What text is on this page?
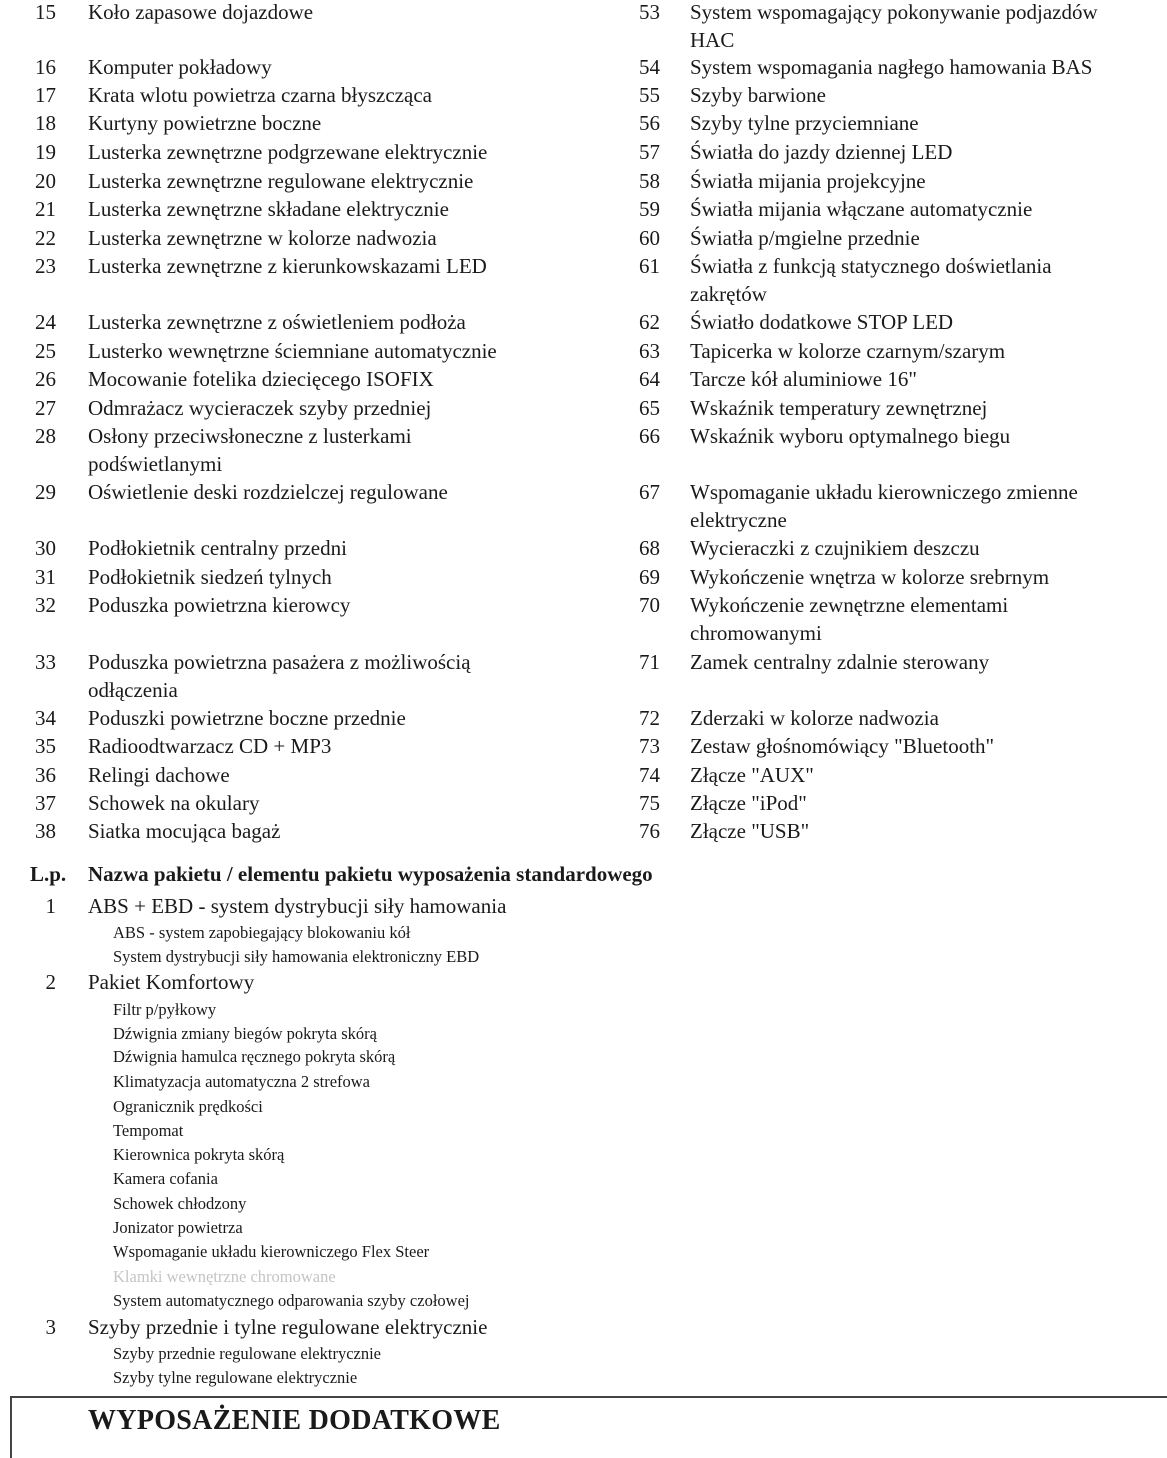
15 Koło zapasowe dojazdowe
16 Komputer pokładowy
17 Krata wlotu powietrza czarna błyszcząca
18 Kurtyny powietrzne boczne
19 Lusterka zewnętrzne podgrzewane elektrycznie
20 Lusterka zewnętrzne regulowane elektrycznie
21 Lusterka zewnętrzne składane elektrycznie
22 Lusterka zewnętrzne w kolorze nadwozia
23 Lusterka zewnętrzne z kierunkowskazami LED
24 Lusterka zewnętrzne z oświetleniem podłoża
25 Lusterko wewnętrzne ściemniane automatycznie
26 Mocowanie fotelika dziecięcego ISOFIX
27 Odmrażacz wycieraczek szyby przedniej
28 Osłony przeciwsłoneczne z lusterkami
podświetlanymi
29 Oświetlenie deski rozdzielczej regulowane
30 Podłokietnik centralny przedni
31 Podłokietnik siedzeń tylnych
32 Poduszka powietrzna kierowcy
33 Poduszka powietrzna pasażera z możliwością
odłączenia
34 Poduszki powietrzne boczne przednie
35 Radioodtwarzacz CD + MP3
36 Relingi dachowe
37 Schowek na okulary
38 Siatka mocująca bagaż
53 System wspomagający pokonywanie podjazdów
HAC
54 System wspomagania nagłego hamowania BAS
55 Szyby barwione
56 Szyby tylne przyciemniane
57 Światła do jazdy dziennej LED
58 Światła mijania projekcyjne
59 Światła mijania włączane automatycznie
60 Światła p/mgielne przednie
61 Światła z funkcją statycznego doświetlania
zakrętów
62 Światło dodatkowe STOP LED
63 Tapicerka w kolorze czarnym/szarym
64 Tarcze kół aluminiowe 16"
65 Wskaźnik temperatury zewnętrznej
66 Wskaźnik wyboru optymalnego biegu
67 Wspomaganie układu kierowniczego zmienne
elektryczne
68 Wycieraczki z czujnikiem deszczu
69 Wykończenie wnętrza w kolorze srebrnym
70 Wykończenie zewnętrzne elementami
chromowanymi
71 Zamek centralny zdalnie sterowany
72 Zderzaki w kolorze nadwozia
73 Zestaw głośnomówiący "Bluetooth"
74 Złącze "AUX"
75 Złącze "iPod"
76 Złącze "USB"
L.p. Nazwa pakietu / elementu pakietu wyposażenia standardowego
1 ABS + EBD - system dystrybucji siły hamowania
ABS - system zapobiegający blokowaniu kół
System dystrybucji siły hamowania elektroniczny EBD
2 Pakiet Komfortowy
Filtr p/pyłkowy
Dźwignia zmiany biegów pokryta skórą
Dźwignia hamulca ręcznego pokryta skórą
Klimatyzacja automatyczna 2 strefowa
Ogranicznik prędkości
Tempomat
Kierownica pokryta skórą
Kamera cofania
Schowek chłodzony
Jonizator powietrza
Wspomaganie układu kierowniczego Flex Steer
Klamki wewnętrzne chromowane
System automatycznego odparowania szyby czołowej
3 Szyby przednie i tylne regulowane elektrycznie
Szyby przednie regulowane elektrycznie
Szyby tylne regulowane elektrycznie
WYPOSAŻENIE DODATKOWE
